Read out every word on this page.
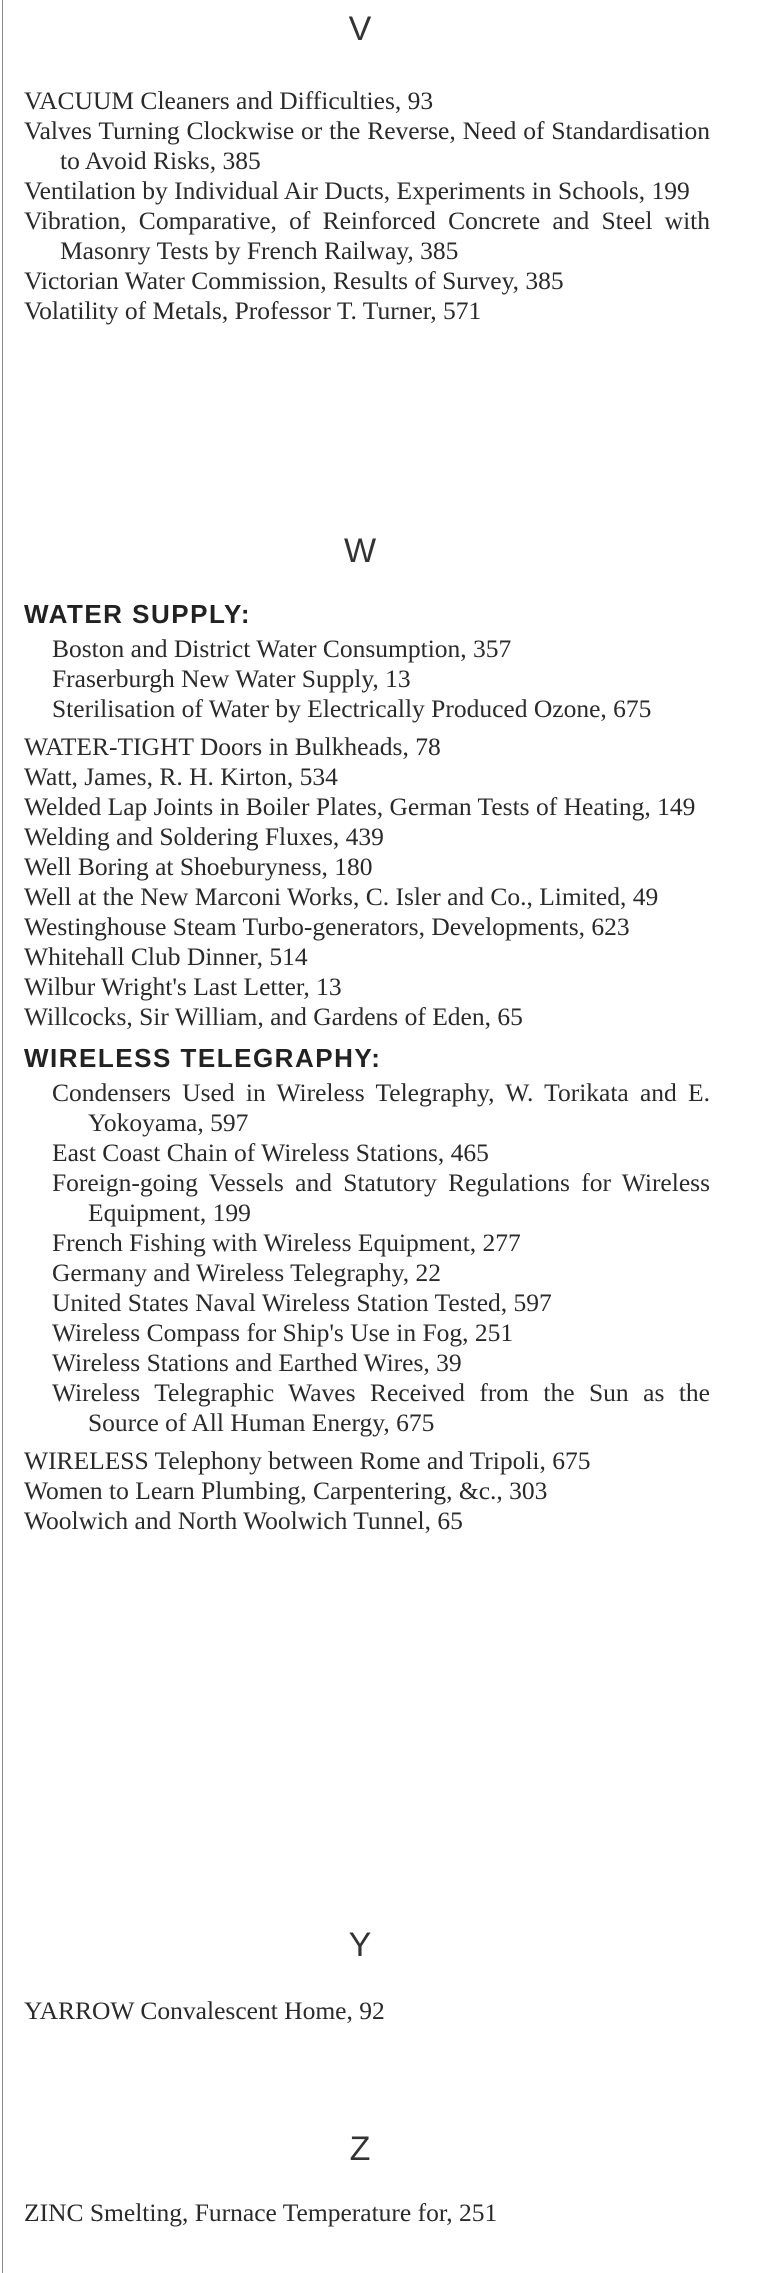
V

VACUUM Cleaners and Difficulties, 93

Valves Turning Clockwise or the Reverse, Need of Standardisation to Avoid Risks, 385

Ventilation by Individual Air Ducts, Experiments in Schools, 199

Vibration, Comparative, of Reinforced Concrete and Steel with Masonry Tests by French Railway, 385

Victorian Water Commission, Results of Survey, 385

Volatility of Metals, Professor T. Turner, 571

W

WATER SUPPLY:

Boston and District Water Consumption, 357

Fraserburgh New Water Supply, 13

Sterilisation of Water by Electrically Produced Ozone, 675

WATER-TIGHT Doors in Bulkheads, 78

Watt, James, R. H. Kirton, 534

Welded Lap Joints in Boiler Plates, German Tests of Heating, 149

Welding and Soldering Fluxes, 439

Well Boring at Shoeburyness, 180

Well at the New Marconi Works, C. Isler and Co., Limited, 49

Westinghouse Steam Turbo-generators, Developments, 623

Whitehall Club Dinner, 514

Wilbur Wright's Last Letter, 13

Willcocks, Sir William, and Gardens of Eden, 65

WIRELESS TELEGRAPHY:

Condensers Used in Wireless Telegraphy, W. Torikata and E. Yokoyama, 597

East Coast Chain of Wireless Stations, 465

Foreign-going Vessels and Statutory Regulations for Wireless Equipment, 199

French Fishing with Wireless Equipment, 277

Germany and Wireless Telegraphy, 22

United States Naval Wireless Station Tested, 597

Wireless Compass for Ship's Use in Fog, 251

Wireless Stations and Earthed Wires, 39

Wireless Telegraphic Waves Received from the Sun as the Source of All Human Energy, 675

WIRELESS Telephony between Rome and Tripoli, 675

Women to Learn Plumbing, Carpentering, &c., 303

Woolwich and North Woolwich Tunnel, 65

Y

YARROW Convalescent Home, 92

Z

ZINC Smelting, Furnace Temperature for, 251
